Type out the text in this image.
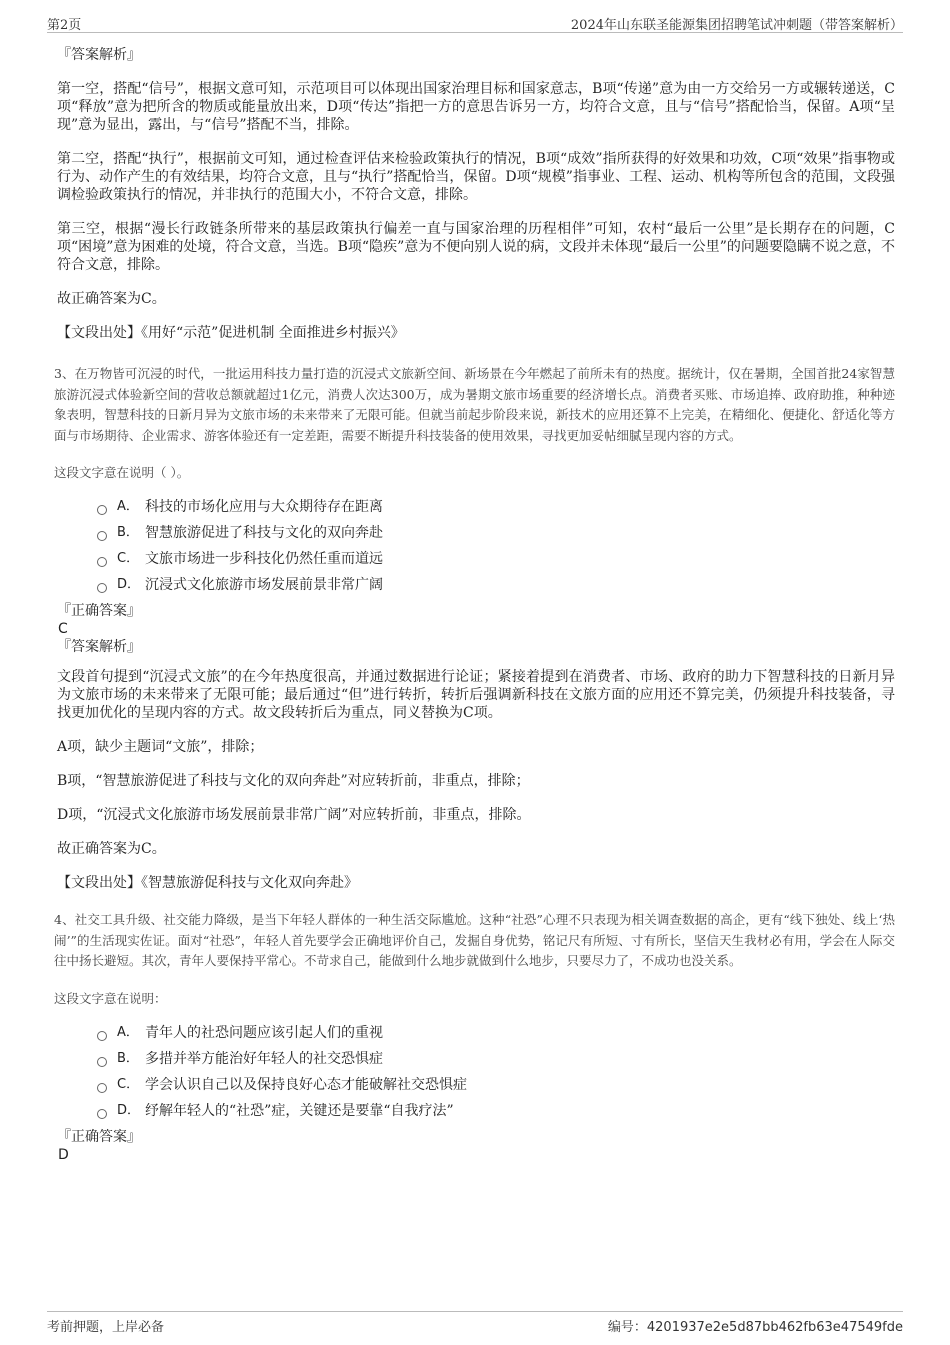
第2页	2024年山东联圣能源集团招聘笔试冲刺题（带答案解析）

『答案解析』

第一空，搭配“信号”，根据文意可知，示范项目可以体现出国家治理目标和国家意志，B项“传递”意为由一方交给另一方或辗转递送，C项“释放”意为把所含的物质或能量放出来，D项“传达”指把一方的意思告诉另一方，均符合文意，且与“信号”搭配恰当，保留。A项“呈现”意为显出，露出，与“信号”搭配不当，排除。

第二空，搭配“执行”，根据前文可知，通过检查评估来检验政策执行的情况，B项“成效”指所获得的好效果和功效，C项“效果”指事物或行为、动作产生的有效结果，均符合文意，且与“执行”搭配恰当，保留。D项“规模”指事业、工程、运动、机构等所包含的范围，文段强调检验政策执行的情况，并非执行的范围大小，不符合文意，排除。

第三空，根据“漫长行政链条所带来的基层政策执行偏差一直与国家治理的历程相伴”可知，农村“最后一公里”是长期存在的问题，C项“困境”意为困难的处境，符合文意，当选。B项“隐疾”意为不便向别人说的病，文段并未体现“最后一公里”的问题要隐瞒不说之意，不符合文意，排除。

故正确答案为C。

【文段出处】《用好“示范”促进机制 全面推进乡村振兴》

3、在万物皆可沉浸的时代，一批运用科技力量打造的沉浸式文旅新空间、新场景在今年燃起了前所未有的热度。据统计，仅在暑期，全国首批24家智慧旅游沉浸式体验新空间的营收总额就超过1亿元，消费人次达300万，成为暑期文旅市场重要的经济增长点。消费者买账、市场追捧、政府助推，种种迹象表明，智慧科技的日新月异为文旅市场的未来带来了无限可能。但就当前起步阶段来说，新技术的应用还算不上完美，在精细化、便捷化、舒适化等方面与市场期待、企业需求、游客体验还有一定差距，需要不断提升科技装备的使用效果，寻找更加妥帖细腻呈现内容的方式。

这段文字意在说明（ ）。

A． 科技的市场化应用与大众期待存在距离
B． 智慧旅游促进了科技与文化的双向奔赴
C． 文旅市场进一步科技化仍然任重而道远
D． 沉浸式文化旅游市场发展前景非常广阔

『正确答案』

C

『答案解析』

文段首句提到“沉浸式文旅”的在今年热度很高，并通过数据进行论证；紧接着提到在消费者、市场、政府的助力下智慧科技的日新月异为文旅市场的未来带来了无限可能；最后通过“但”进行转折，转折后强调新科技在文旅方面的应用还不算完美，仍须提升科技装备，寻找更加优化的呈现内容的方式。故文段转折后为重点，同义替换为C项。

A项，缺少主题词“文旅”，排除；

B项，“智慧旅游促进了科技与文化的双向奔赴”对应转折前，非重点，排除；

D项，“沉浸式文化旅游市场发展前景非常广阔”对应转折前，非重点，排除。

故正确答案为C。

【文段出处】《智慧旅游促科技与文化双向奔赴》

4、社交工具升级、社交能力降级，是当下年轻人群体的一种生活交际尴尬。这种“社恐”心理不只表现为相关调查数据的高企，更有“线下独处、线上‘热闹’”的生活现实佐证。面对“社恐”，年轻人首先要学会正确地评价自己，发掘自身优势，铭记尺有所短、寸有所长，坚信天生我材必有用，学会在人际交往中扬长避短。其次，青年人要保持平常心。不苛求自己，能做到什么地步就做到什么地步，只要尽力了，不成功也没关系。

这段文字意在说明：

A． 青年人的社恐问题应该引起人们的重视
B． 多措并举方能治好年轻人的社交恐惧症
C． 学会认识自己以及保持良好心态才能破解社交恐惧症
D． 纾解年轻人的“社恐”症，关键还是要靠“自我疗法”

『正确答案』

D

考前押题，上岸必备	编号：4201937e2e5d87bb462fb63e47549fde
